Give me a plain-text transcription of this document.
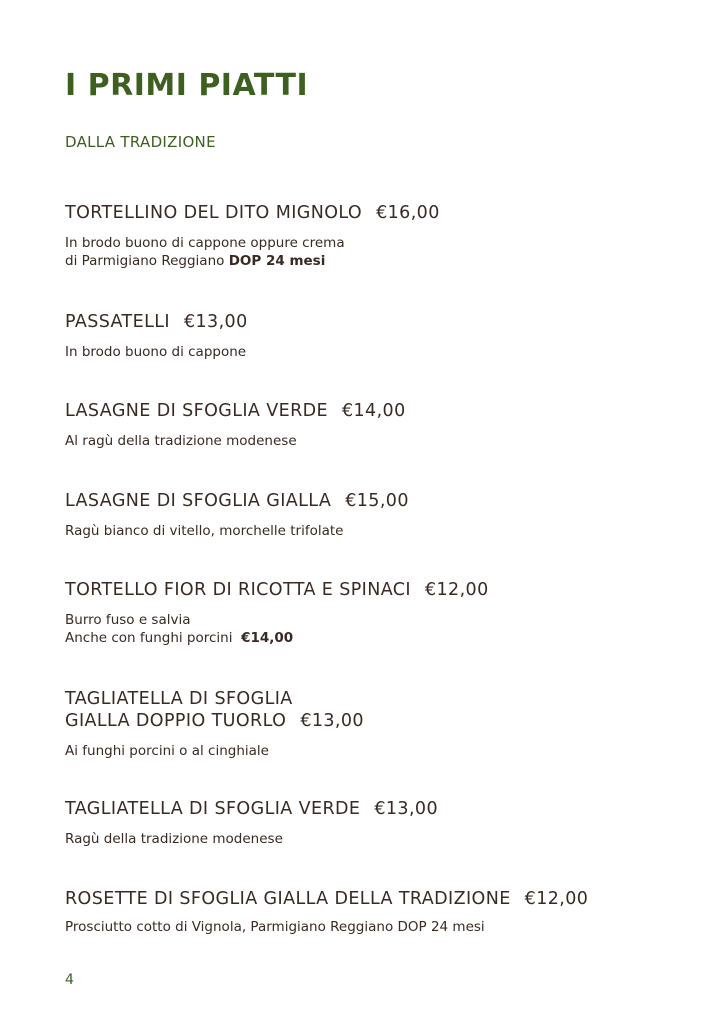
I PRIMI PIATTI
DALLA TRADIZIONE

TORTELLINO DEL DITO MIGNOLO €16,00

In brodo buono di cappone oppure crema
di Parmigiano Reggiano DOP 24 mesi

PASSATELLI €13,00

In brodo buono di cappone

LASAGNE DI SFOGLIA VERDE €14,00

Al ragù della tradizione modenese

LASAGNE DI SFOGLIA GIALLA €15,00

Ragù bianco di vitello, morchelle trifolate

TORTELLO FIOR DI RICOTTA E SPINACI €12,00

Burro fuso e salvia
Anche con funghi porcini €14,00

TAGLIATELLA DI SFOGLIA

GIALLA DOPPIO TUORLO €13,00

Ai funghi porcini o al cinghiale

TAGLIATELLA DI SFOGLIA VERDE €13,00

Ragù della tradizione modenese

ROSETTE DI SFOGLIA GIALLA DELLA TRADIZIONE €12,00

Prosciutto cotto di Vignola, Parmigiano Reggiano DOP 24 mesi
4
